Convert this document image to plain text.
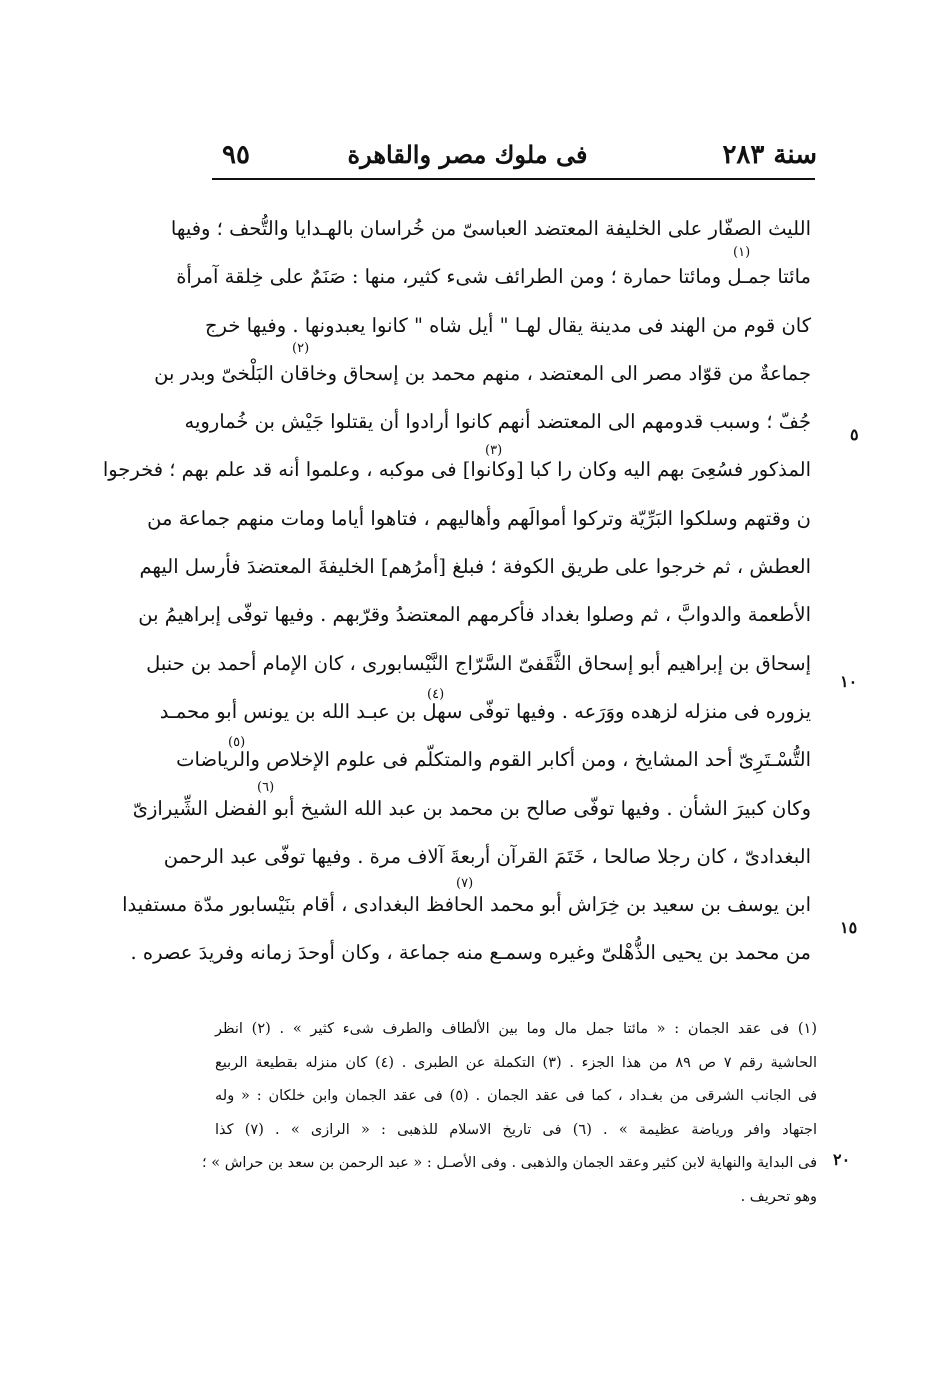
٩٥	فى ملوك مصر والقاهرة	سنة ٢٨٣
الليث الصفّار على الخليفة المعتضد العباسىّ من خُراسان بالهـدايا والتُّحف ؛ وفيها
مائتا جمـل ومائتا حمارة ؛ ومن الطرائف شىء كثير، منها : صَنَمٌ على خِلقة آمرأة
كان قوم من الهند فى مدينة يقال لهـا " أيل شاه " كانوا يعبدونها . وفيها خرج
جماعةٌ من قوّاد مصر الى المعتضد ، منهم محمد بن إسحاق وخاقان البَلْخىّ وبدر بن
جُفّ ؛ وسبب قدومهم الى المعتضد أنهم كانوا أرادوا أن يقتلوا جَيْش بن خُمارويه
المذكور فسُعِىَ بهم اليه وكان را كبا [وكانوا] فى موكبه ، وعلموا أنه قد علم بهم ؛ فخرجوا
ن وقتهم وسلكوا البَرِّيّة وتركوا أموالَهم وأهاليهم ، فتاهوا أياما ومات منهم جماعة من
العطش ، ثم خرجوا على طريق الكوفة ؛ فبلغ [أمرُهم] الخليفةَ المعتضدَ فأرسل اليهم
الأطعمة والدوابَّ ، ثم وصلوا بغداد فأكرمهم المعتضدُ وقرّبهم . وفيها توفّى إبراهيمُ بن
إسحاق بن إبراهيم أبو إسحاق الثَّقَفىّ السَّرّاج النَّيْسابورى ، كان الإمام أحمد بن حنبل
يزوره فى منزله لزهده ووَرَعه . وفيها توفّى سهل بن عبـد الله بن يونس أبو محمـد
التُّسْـتَرِىّ أحد المشايخ ، ومن أكابر القوم والمتكلّم فى علوم الإخلاص والرياضات
وكان كبيرَ الشأن . وفيها توفّى صالح بن محمد بن عبد الله الشيخ أبو الفضل الشِّيرازىّ
البغدادىّ ، كان رجلا صالحا ، خَتَمَ القرآن أربعةَ آلاف مرة . وفيها توفّى عبد الرحمن
ابن يوسف بن سعيد بن خِرَاش أبو محمد الحافظ البغدادى ، أقام بنَيْسابور مدّة مستفيدا
من محمد بن يحيى الذُّهْلىّ وغيره وسمـع منه جماعة ، وكان أوحدَ زمانه وفريدَ عصره .
(١)
(٢)
(٣)
(٤)
(٥)
(٦)
(٧)
٥
١٠
١٥
٢٠
(١) فى عقد الجمان : « مائتا جمل مال وما بين الألطاف والطرف شىء كثير » . (٢) انظر
الحاشية رقم ٧ ص ٨٩ من هذا الجزء . (٣) التكملة عن الطبرى . (٤) كان منزله بقطيعة الربيع
فى الجانب الشرقى من بغـداد ، كما فى عقد الجمان . (٥) فى عقد الجمان وابن خلكان : « وله
اجتهاد وافر ورياضة عظيمة » . (٦) فى تاريخ الاسلام للذهبى : « الرازى » . (٧) كذا
فى البداية والنهاية لابن كثير وعقد الجمان والذهبى . وفى الأصـل : « عبد الرحمن بن سعد بن حراش » ؛
وهو تحريف .
